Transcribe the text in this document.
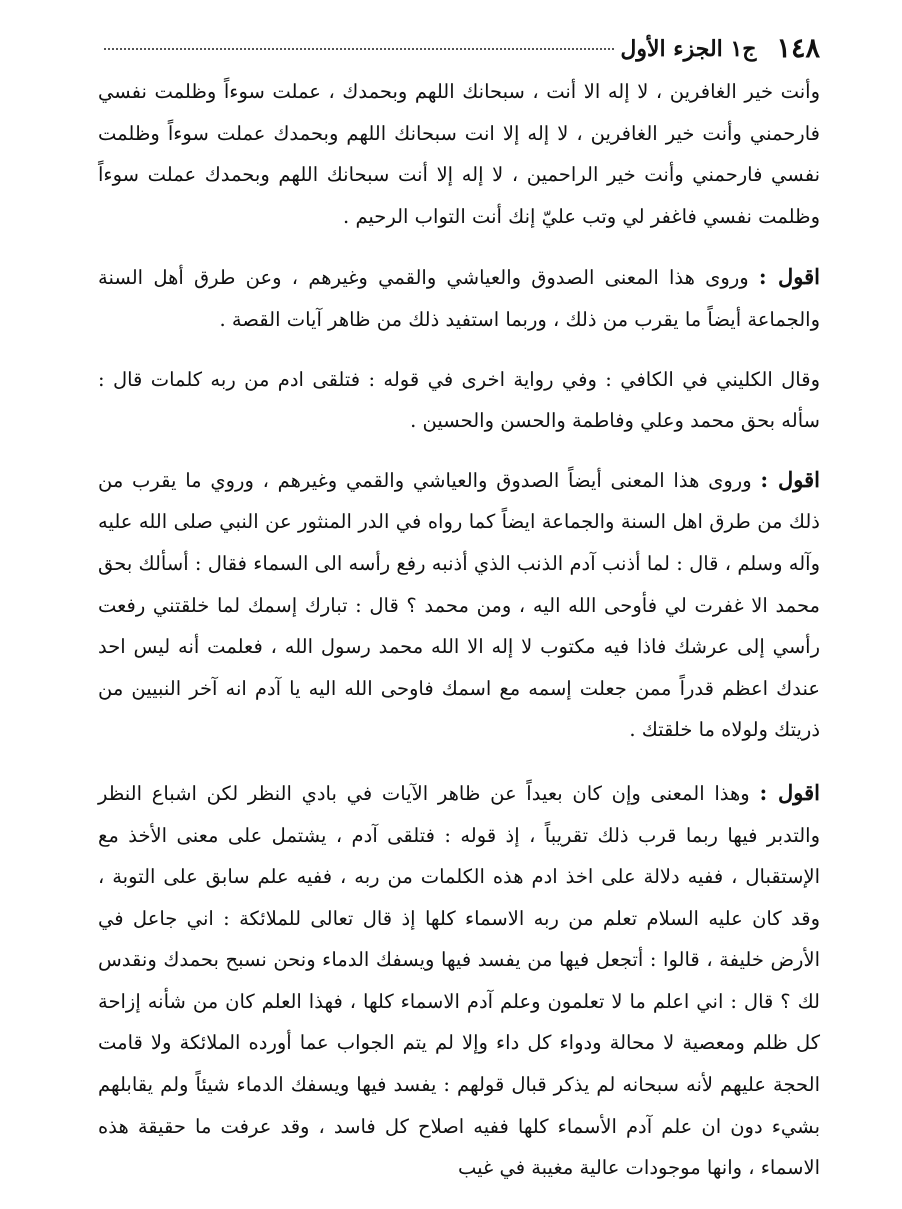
١٤٨
ج١ الجزء الأول

وأنت خير الغافرين ، لا إله الا أنت ، سبحانك اللهم وبحمدك ، عملت سوءاً وظلمت نفسي فارحمني وأنت خير الغافرين ، لا إله إلا انت سبحانك اللهم وبحمدك عملت سوءاً وظلمت نفسي فارحمني وأنت خير الراحمين ، لا إله إلا أنت سبحانك اللهم وبحمدك عملت سوءاً وظلمت نفسي فاغفر لي وتب عليّ إنك أنت التواب الرحيم .

اقول : وروى هذا المعنى الصدوق والعياشي والقمي وغيرهم ، وعن طرق أهل السنة والجماعة أيضاً ما يقرب من ذلك ، وربما استفيد ذلك من ظاهر آيات القصة .

وقال الكليني في الكافي : وفي رواية اخرى في قوله : فتلقى ادم من ربه كلمات قال : سأله بحق محمد وعلي وفاطمة والحسن والحسين .

اقول : وروى هذا المعنى أيضاً الصدوق والعياشي والقمي وغيرهم ، وروي ما يقرب من ذلك من طرق اهل السنة والجماعة ايضاً كما رواه في الدر المنثور عن النبي صلى الله عليه وآله وسلم ، قال : لما أذنب آدم الذنب الذي أذنبه رفع رأسه الى السماء فقال : أسألك بحق محمد الا غفرت لي فأوحى الله اليه ، ومن محمد ؟ قال : تبارك إسمك لما خلقتني رفعت رأسي إلى عرشك فاذا فيه مكتوب لا إله الا الله محمد رسول الله ، فعلمت أنه ليس احد عندك اعظم قدراً ممن جعلت إسمه مع اسمك فاوحى الله اليه يا آدم انه آخر النبيين من ذريتك ولولاه ما خلقتك .

اقول : وهذا المعنى وإن كان بعيداً عن ظاهر الآيات في بادي النظر لكن اشباع النظر والتدبر فيها ربما قرب ذلك تقريباً ، إذ قوله : فتلقى آدم ، يشتمل على معنى الأخذ مع الإستقبال ، ففيه دلالة على اخذ ادم هذه الكلمات من ربه ، ففيه علم سابق على التوبة ، وقد كان عليه السلام تعلم من ربه الاسماء كلها إذ قال تعالى للملائكة : اني جاعل في الأرض خليفة ، قالوا : أتجعل فيها من يفسد فيها ويسفك الدماء ونحن نسبح بحمدك ونقدس لك ؟ قال : اني اعلم ما لا تعلمون وعلم آدم الاسماء كلها ، فهذا العلم كان من شأنه إزاحة كل ظلم ومعصية لا محالة ودواء كل داء وإلا لم يتم الجواب عما أورده الملائكة ولا قامت الحجة عليهم لأنه سبحانه لم يذكر قبال قولهم : يفسد فيها ويسفك الدماء شيئاً ولم يقابلهم بشيء دون ان علم آدم الأسماء كلها ففيه اصلاح كل فاسد ، وقد عرفت ما حقيقة هذه الاسماء ، وانها موجودات عالية مغيبة في غيب
